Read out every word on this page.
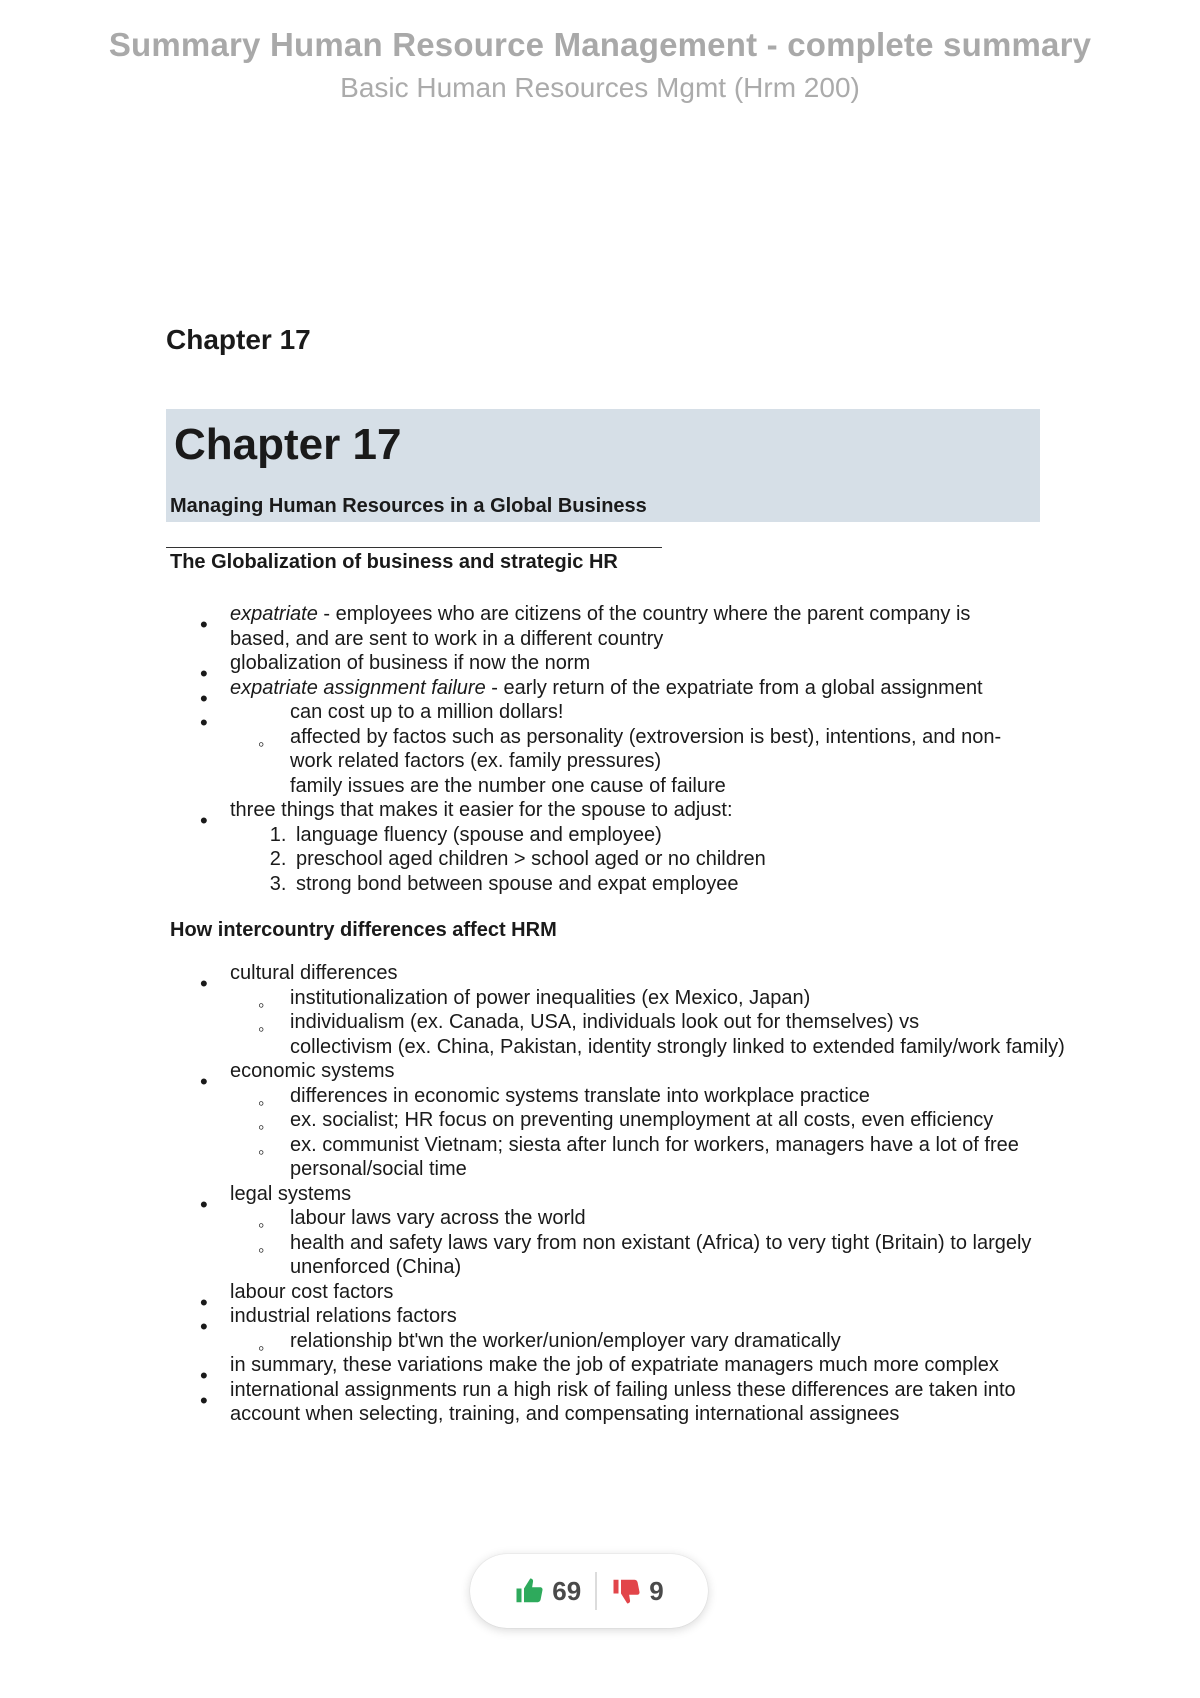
Summary Human Resource Management - complete summary
Basic Human Resources Mgmt (Hrm 200)
Chapter 17
Chapter 17
Managing Human Resources in a Global Business
The Globalization of business and strategic HR
• expatriate - employees who are citizens of the country where the parent company is based, and are sent to work in a different country
• globalization of business if now the norm
• expatriate assignment failure - early return of the expatriate from a global assignment
• can cost up to a million dollars!
◦ affected by factos such as personality (extroversion is best), intentions, and non-work related factors (ex. family pressures)
family issues are the number one cause of failure
• three things that makes it easier for the spouse to adjust:
1. language fluency (spouse and employee)
2. preschool aged children > school aged or no children
3. strong bond between spouse and expat employee
How intercountry differences affect HRM
• cultural differences
◦ institutionalization of power inequalities (ex Mexico, Japan)
◦ individualism (ex. Canada, USA, individuals look out for themselves) vs
collectivism (ex. China, Pakistan, identity strongly linked to extended family/work family)
• economic systems
◦ differences in economic systems translate into workplace practice
◦ ex. socialist; HR focus on preventing unemployment at all costs, even efficiency
◦ ex. communist Vietnam; siesta after lunch for workers, managers have a lot of free personal/social time
• legal systems
◦ labour laws vary across the world
◦ health and safety laws vary from non existant (Africa) to very tight (Britain) to largely unenforced (China)
• labour cost factors
• industrial relations factors
◦ relationship bt'wn the worker/union/employer vary dramatically
• in summary, these variations make the job of expatriate managers much more complex
• international assignments run a high risk of failing unless these differences are taken into account when selecting, training, and compensating international assignees
69	9
